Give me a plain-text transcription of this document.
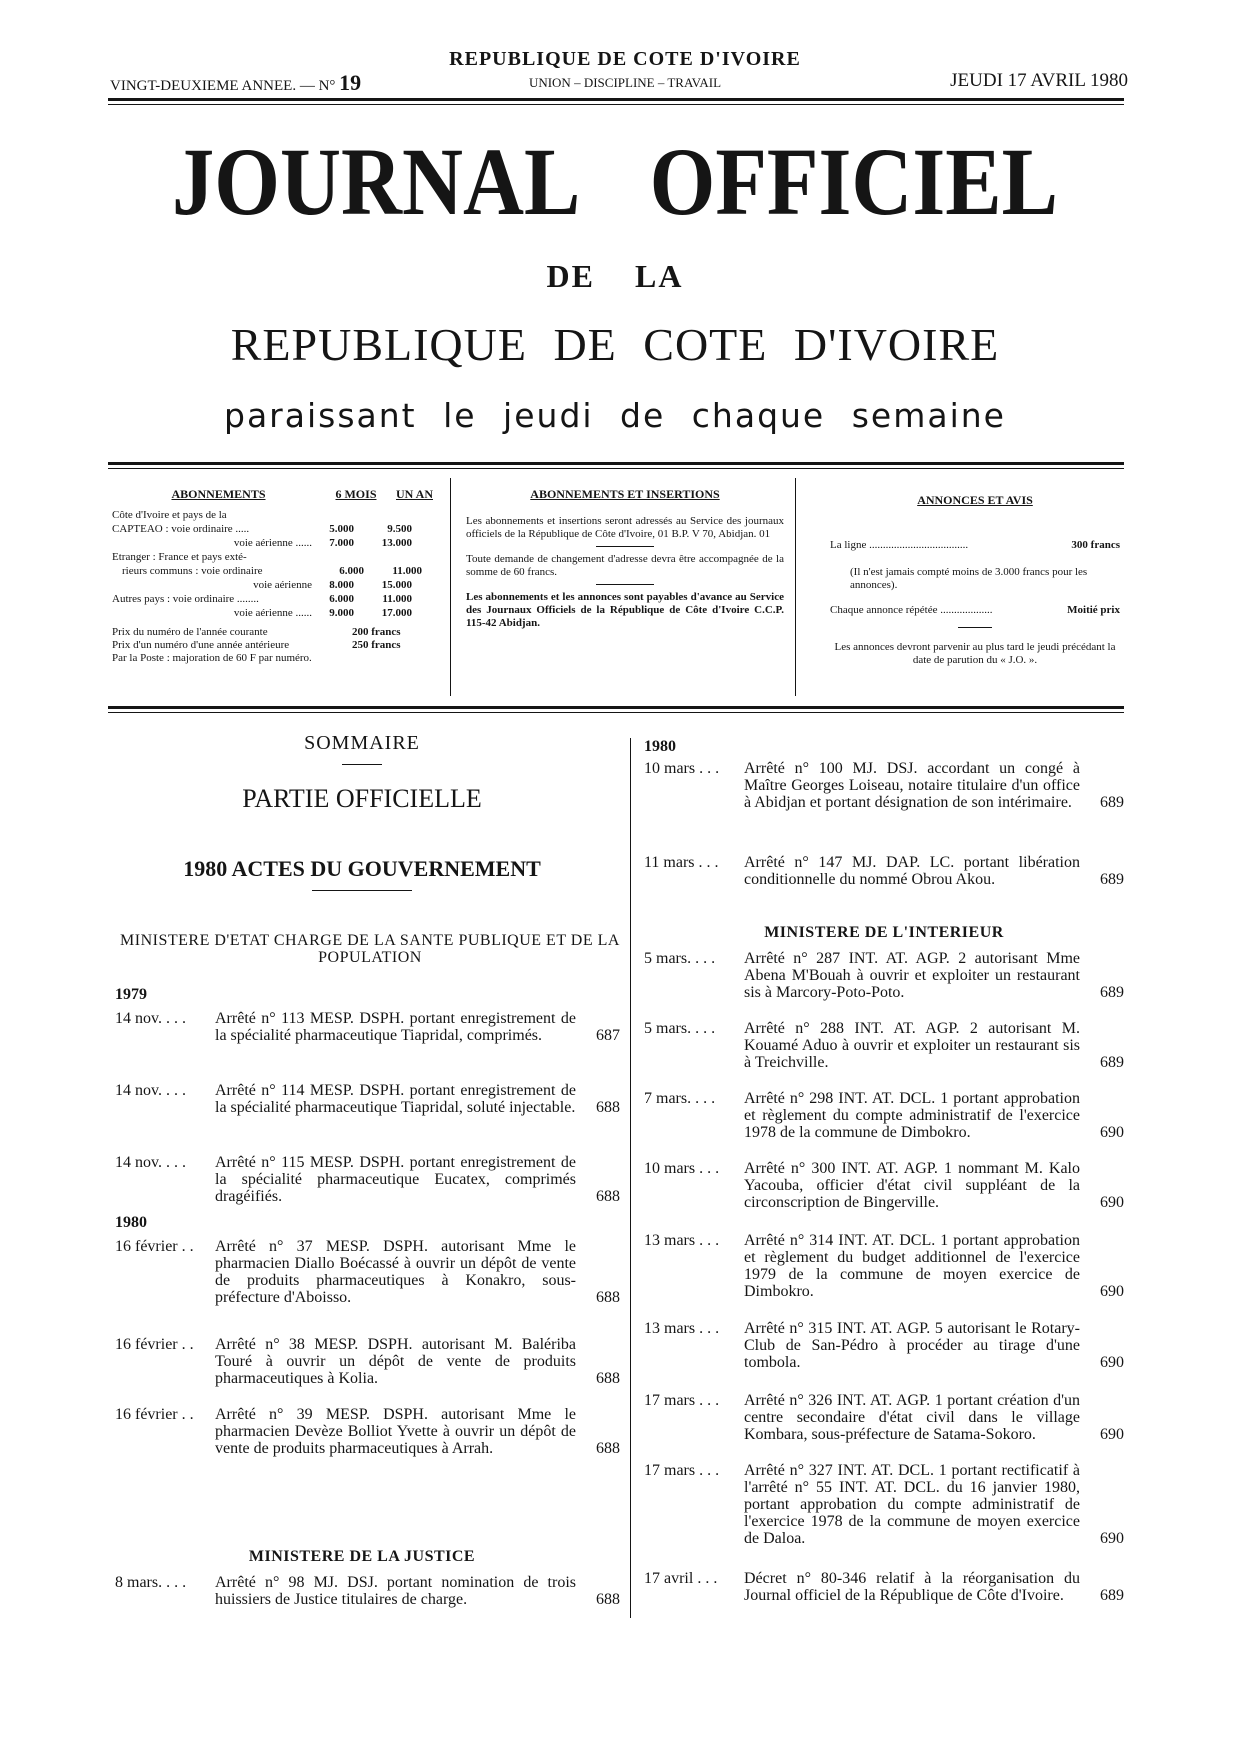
VINGT-DEUXIEME ANNEE. — N° 19
REPUBLIQUE DE COTE D'IVOIRE
UNION – DISCIPLINE – TRAVAIL	JEUDI 17 AVRIL 1980
JOURNAL OFFICIEL
DE LA
REPUBLIQUE DE COTE D'IVOIRE
paraissant le jeudi de chaque semaine
ABONNEMENTS	6 MOIS	UN AN
Côte d'Ivoire et pays de la
CAPTEAO : voie ordinaire .....	5.000	9.500
voie aérienne ......	7.000	13.000
Etranger : France et pays exté-
rieurs communs : voie ordinaire	6.000	11.000
voie aérienne	8.000	15.000
Autres pays : voie ordinaire ........	6.000	11.000
voie aérienne ......	9.000	17.000
Prix du numéro de l'année courante	200 francs
Prix d'un numéro d'une année antérieure	250 francs
Par la Poste : majoration de 60 F par numéro.
ABONNEMENTS ET INSERTIONS
Les abonnements et insertions seront adressés au Service des journaux officiels de la République de Côte d'Ivoire, 01 B.P. V 70, Abidjan. 01
Toute demande de changement d'adresse devra être accompagnée de la somme de 60 francs.
Les abonnements et les annonces sont payables d'avance au Service des Journaux Officiels de la République de Côte d'Ivoire C.C.P. 115-42 Abidjan.
ANNONCES ET AVIS
La ligne ....................................	300 francs
(Il n'est jamais compté moins de 3.000 francs pour les annonces).
Chaque annonce répétée ...................	Moitié prix
Les annonces devront parvenir au plus tard le jeudi précédant la date de parution du « J.O. ».
SOMMAIRE
PARTIE OFFICIELLE
1980 ACTES DU GOUVERNEMENT
MINISTERE D'ETAT CHARGE DE LA SANTE PUBLIQUE ET DE LA POPULATION
1979
14 nov. . . .	Arrêté n° 113 MESP. DSPH. portant enregistrement de la spécialité pharmaceutique Tiapridal, comprimés.	687
14 nov. . . .	Arrêté n° 114 MESP. DSPH. portant enregistrement de la spécialité pharmaceutique Tiapridal, soluté injectable.	688
14 nov. . . .	Arrêté n° 115 MESP. DSPH. portant enregistrement de la spécialité pharmaceutique Eucatex, comprimés dragéifiés.	688
1980
16 février . .	Arrêté n° 37 MESP. DSPH. autorisant Mme le pharmacien Diallo Boécassé à ouvrir un dépôt de vente de produits pharmaceutiques à Konakro, sous-préfecture d'Aboisso.	688
16 février . .	Arrêté n° 38 MESP. DSPH. autorisant M. Balériba Touré à ouvrir un dépôt de vente de produits pharmaceutiques à Kolia.	688
16 février . .	Arrêté n° 39 MESP. DSPH. autorisant Mme le pharmacien Devèze Bolliot Yvette à ouvrir un dépôt de vente de produits pharmaceutiques à Arrah.	688
MINISTERE DE LA JUSTICE
8 mars. . . .	Arrêté n° 98 MJ. DSJ. portant nomination de trois huissiers de Justice titulaires de charge.	688
1980
10 mars . . .	Arrêté n° 100 MJ. DSJ. accordant un congé à Maître Georges Loiseau, notaire titulaire d'un office à Abidjan et portant désignation de son intérimaire.	689
11 mars . . .	Arrêté n° 147 MJ. DAP. LC. portant libération conditionnelle du nommé Obrou Akou.	689
MINISTERE DE L'INTERIEUR
5 mars. . . .	Arrêté n° 287 INT. AT. AGP. 2 autorisant Mme Abena M'Bouah à ouvrir et exploiter un restaurant sis à Marcory-Poto-Poto.	689
5 mars. . . .	Arrêté n° 288 INT. AT. AGP. 2 autorisant M. Kouamé Aduo à ouvrir et exploiter un restaurant sis à Treichville.	689
7 mars. . . .	Arrêté n° 298 INT. AT. DCL. 1 portant approbation et règlement du compte administratif de l'exercice 1978 de la commune de Dimbokro.	690
10 mars . . .	Arrêté n° 300 INT. AT. AGP. 1 nommant M. Kalo Yacouba, officier d'état civil suppléant de la circonscription de Bingerville.	690
13 mars . . .	Arrêté n° 314 INT. AT. DCL. 1 portant approbation et règlement du budget additionnel de l'exercice 1979 de la commune de moyen exercice de Dimbokro.	690
13 mars . . .	Arrêté n° 315 INT. AT. AGP. 5 autorisant le Rotary-Club de San-Pédro à procéder au tirage d'une tombola.	690
17 mars . . .	Arrêté n° 326 INT. AT. AGP. 1 portant création d'un centre secondaire d'état civil dans le village Kombara, sous-préfecture de Satama-Sokoro.	690
17 mars . . .	Arrêté n° 327 INT. AT. DCL. 1 portant rectificatif à l'arrêté n° 55 INT. AT. DCL. du 16 janvier 1980, portant approbation du compte administratif de l'exercice 1978 de la commune de moyen exercice de Daloa.	690
17 avril . . .	Décret n° 80-346 relatif à la réorganisation du Journal officiel de la République de Côte d'Ivoire.	689
